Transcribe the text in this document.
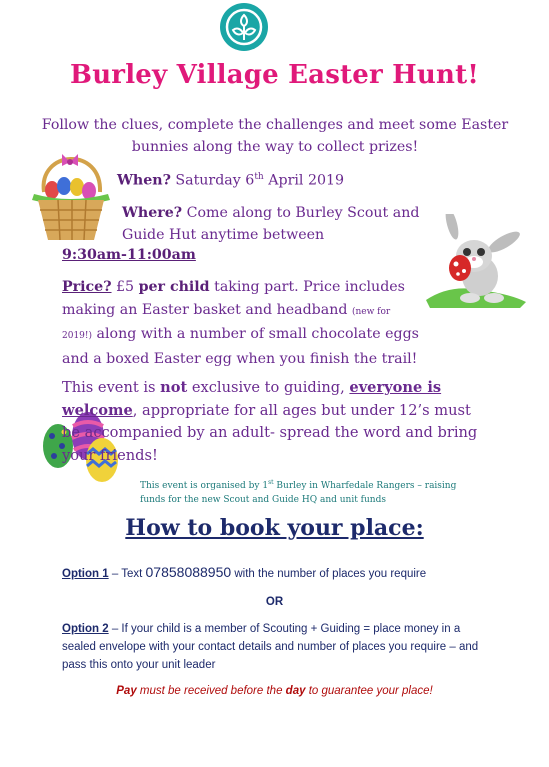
Burley Village Easter Hunt!
Follow the clues, complete the challenges and meet some Easter bunnies along the way to collect prizes!
When? Saturday 6th April 2019
Where? Come along to Burley Scout and Guide Hut anytime between
9:30am-11:00am
Price? £5 per child taking part. Price includes making an Easter basket and headband (new for 2019!) along with a number of small chocolate eggs and a boxed Easter egg when you finish the trail!
This event is not exclusive to guiding, everyone is welcome, appropriate for all ages but under 12’s must be accompanied by an adult- spread the word and bring your friends!
This event is organised by 1st Burley in Wharfedale Rangers – raising funds for the new Scout and Guide HQ and unit funds
How to book your place:
Option 1 – Text 07858088950 with the number of places you require
OR
Option 2 – If your child is a member of Scouting + Guiding = place money in a sealed envelope with your contact details and number of places you require – and pass this onto your unit leader
Pay must be received before the day to guarantee your place!
